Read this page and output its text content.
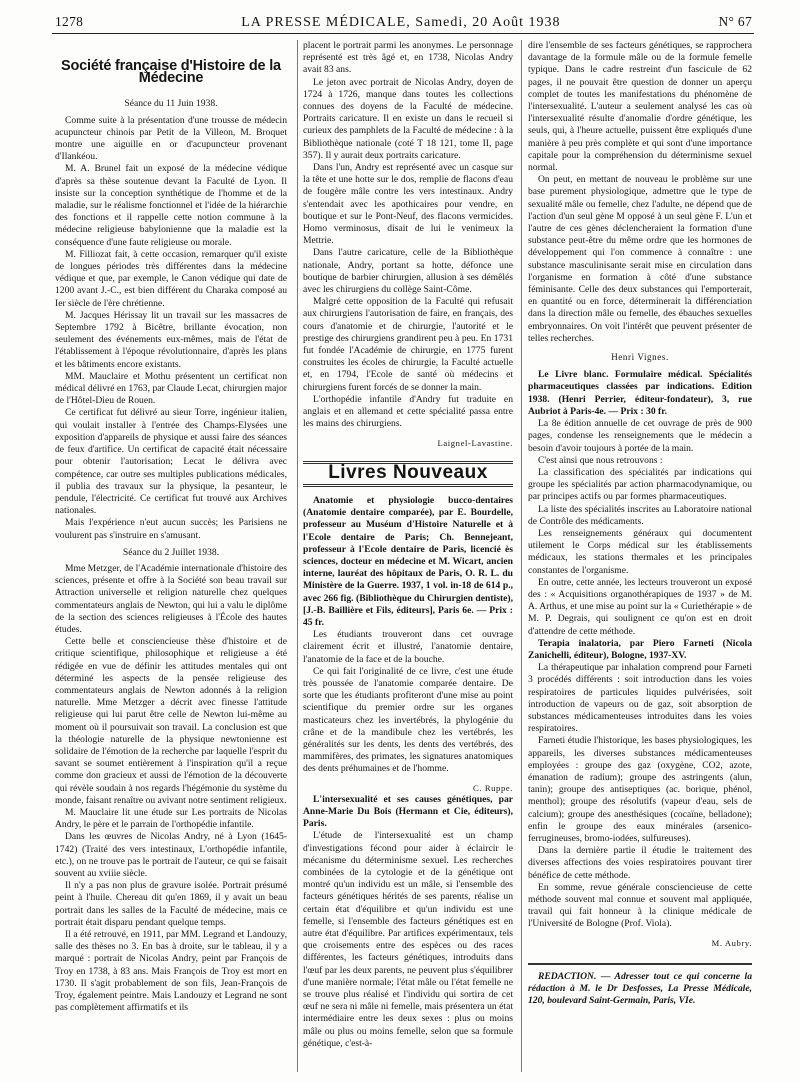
1278	LA PRESSE MÉDICALE, Samedi, 20 Août 1938	N° 67
Société française d'Histoire de la Médecine

Séance du 11 Juin 1938.

Comme suite à la présentation d'une trousse de médecin acupuncteur chinois par Petit de la Villeon, M. Broquet montre une aiguille en or d'acupuncteur provenant d'Ilankéou.

M. A. Brunel fait un exposé de la médecine védique d'après sa thèse soutenue devant la Faculté de Lyon. Il insiste sur la conception synthétique de l'homme et de la maladie, sur le réalisme fonctionnel et l'idée de la hiérarchie des fonctions et il rappelle cette notion commune à la médecine religieuse babylonienne que la maladie est la conséquence d'une faute religieuse ou morale.

M. Filliozat fait, à cette occasion, remarquer qu'il existe de longues périodes très différentes dans la médecine védique et que, par exemple, le Canon védique qui date de 1200 avant J.-C., est bien différent du Charaka composé au Ier siècle de l'ère chrétienne.

M. Jacques Hérissay lit un travail sur les massacres de Septembre 1792 à Bicêtre, brillante évocation, non seulement des événements eux-mêmes, mais de l'état de l'établissement à l'époque révolutionnaire, d'après les plans et les bâtiments encore existants.

MM. Mauclaire et Mothu présentent un certificat non médical délivré en 1763, par Claude Lecat, chirurgien major de l'Hôtel-Dieu de Rouen.

Ce certificat fut délivré au sieur Torre, ingénieur italien, qui voulait installer à l'entrée des Champs-Elysées une exposition d'appareils de physique et aussi faire des séances de feux d'artifice. Un certificat de capacité était nécessaire pour obtenir l'autorisation; Lecat le délivra avec compétence, car outre ses multiples publications médicales, il publia des travaux sur la physique, la pesanteur, le pendule, l'électricité. Ce certificat fut trouvé aux Archives nationales.

Mais l'expérience n'eut aucun succès; les Parisiens ne voulurent pas s'instruire en s'amusant.

Séance du 2 Juillet 1938.

Mme Metzger, de l'Académie internationale d'histoire des sciences, présente et offre à la Société son beau travail sur Attraction universelle et religion naturelle chez quelques commentateurs anglais de Newton, qui lui a valu le diplôme de la section des sciences religieuses à l'École des hautes études.

Cette belle et consciencieuse thèse d'histoire et de critique scientifique, philosophique et religieuse a été rédigée en vue de définir les attitudes mentales qui ont déterminé les aspects de la pensée religieuse des commentateurs anglais de Newton adonnés à la religion naturelle. Mme Metzger a décrit avec finesse l'attitude religieuse qui lui parut être celle de Newton lui-même au moment où il poursuivait son travail. La conclusion est que la théologie naturelle de la physique newtonienne est solidaire de l'émotion de la recherche par laquelle l'esprit du savant se soumet entièrement à l'inspiration qu'il a reçue comme don gracieux et aussi de l'émotion de la découverte qui révèle soudain à nos regards l'hégémonie du système du monde, faisant renaître ou avivant notre sentiment religieux.

M. Mauclaire lit une étude sur Les portraits de Nicolas Andry, le père et le parrain de l'orthopédie infantile.

Dans les œuvres de Nicolas Andry, né à Lyon (1645-1742) (Traité des vers intestinaux, L'orthopédie infantile, etc.), on ne trouve pas le portrait de l'auteur, ce qui se faisait souvent au xviiie siècle.

Il n'y a pas non plus de gravure isolée. Portrait présumé peint à l'huile. Chereau dit qu'en 1869, il y avait un beau portrait dans les salles de la Faculté de médecine, mais ce portrait était disparu pendant quelque temps.

Il a été retrouvé, en 1911, par MM. Legrand et Landouzy, salle des thèses no 3. En bas à droite, sur le tableau, il y a marqué : portrait de Nicolas Andry, peint par François de Troy en 1738, à 83 ans. Mais François de Troy est mort en 1730. Il s'agit probablement de son fils, Jean-François de Troy, également peintre. Mais Landouzy et Legrand ne sont pas complètement affirmatifs et ils

placent le portrait parmi les anonymes. Le personnage représenté est très âgé et, en 1738, Nicolas Andry avait 83 ans.

Le jeton avec portrait de Nicolas Andry, doyen de 1724 à 1726, manque dans toutes les collections connues des doyens de la Faculté de médecine. Portraits caricature. Il en existe un dans le recueil si curieux des pamphlets de la Faculté de médecine : à la Bibliothèque nationale (coté T 18 121, tome II, page 357). Il y aurait deux portraits caricature.

Dans l'un, Andry est représenté avec un casque sur la tête et une hotte sur le dos, remplie de flacons d'eau de fougère mâle contre les vers intestinaux. Andry s'entendait avec les apothicaires pour vendre, en boutique et sur le Pont-Neuf, des flacons vermicides. Homo verminosus, disait de lui le venimeux la Mettrie.

Dans l'autre caricature, celle de la Bibliothèque nationale, Andry, portant sa hotte, défonce une boutique de barbier chirurgien, allusion à ses démêlés avec les chirurgiens du collège Saint-Côme.

Malgré cette opposition de la Faculté qui refusait aux chirurgiens l'autorisation de faire, en français, des cours d'anatomie et de chirurgie, l'autorité et le prestige des chirurgiens grandirent peu à peu. En 1731 fut fondée l'Académie de chirurgie, en 1775 furent construites les écoles de chirurgie, la Faculté actuelle et, en 1794, l'Ecole de santé où médecins et chirurgiens furent forcés de se donner la main.

L'orthopédie infantile d'Andry fut traduite en anglais et en allemand et cette spécialité passa entre les mains des chirurgiens.

Laignel-Lavastine.

Livres Nouveaux

Anatomie et physiologie bucco-dentaires (Anatomie dentaire comparée), par E. Bourdelle, professeur au Muséum d'Histoire Naturelle et à l'Ecole dentaire de Paris; Ch. Bennejeant, professeur à l'Ecole dentaire de Paris, licencié ès sciences, docteur en médecine et M. Wicart, ancien interne, lauréat des hôpitaux de Paris, O. R. L. du Ministère de la Guerre. 1937, 1 vol. in-18 de 614 p., avec 266 fig. (Bibliothèque du Chirurgien dentiste), [J.-B. Baillière et Fils, éditeurs], Paris 6e. — Prix : 45 fr.

Les étudiants trouveront dans cet ouvrage clairement écrit et illustré, l'anatomie dentaire, l'anatomie de la face et de la bouche.

Ce qui fait l'originalité de ce livre, c'est une étude très poussée de l'anatomie comparée dentaire. De sorte que les étudiants profiteront d'une mise au point scientifique du premier ordre sur les organes masticateurs chez les invertébrés, la phylogénie du crâne et de la mandibule chez les vertébrés, les généralités sur les dents, les dents des vertébrés, des mammifères, des primates, les signatures anatomiques des dents préhumaines et de l'homme.

C. Ruppe.

L'intersexualité et ses causes génétiques, par Anne-Marie Du Bois (Hermann et Cie, éditeurs), Paris.

L'étude de l'intersexualité est un champ d'investigations fécond pour aider à éclaircir le mécanisme du déterminisme sexuel. Les recherches combinées de la cytologie et de la génétique ont montré qu'un individu est un mâle, si l'ensemble des facteurs génétiques hérités de ses parents, réalise un certain état d'équilibre et qu'un individu est une femelle, si l'ensemble des facteurs génétiques est en autre état d'équilibre. Par artifices expérimentaux, tels que croisements entre des espèces ou des races différentes, les facteurs génétiques, introduits dans l'œuf par les deux parents, ne peuvent plus s'équilibrer d'une manière normale; l'état mâle ou l'état femelle ne se trouve plus réalisé et l'individu qui sortira de cet œuf ne sera ni mâle ni femelle, mais présentera un état intermédiaire entre les deux sexes : plus ou moins mâle ou plus ou moins femelle, selon que sa formule génétique, c'est-à-

dire l'ensemble de ses facteurs génétiques, se rapprochera davantage de la formule mâle ou de la formule femelle typique. Dans le cadre restreint d'un fascicule de 62 pages, il ne pouvait être question de donner un aperçu complet de toutes les manifestations du phénomène de l'intersexualité. L'auteur a seulement analysé les cas où l'intersexualité résulte d'anomalie d'ordre génétique, les seuls, qui, à l'heure actuelle, puissent être expliqués d'une manière à peu près complète et qui sont d'une importance capitale pour la compréhension du déterminisme sexuel normal.

On peut, en mettant de nouveau le problème sur une base purement physiologique, admettre que le type de sexualité mâle ou femelle, chez l'adulte, ne dépend que de l'action d'un seul gène M opposé à un seul gène F. L'un et l'autre de ces gènes déclencheraient la formation d'une substance peut-être du même ordre que les hormones de développement qui l'on commence à connaître : une substance masculinisante serait mise en circulation dans l'organisme en formation à côté d'une substance féminisante. Celle des deux substances qui l'emporterait, en quantité ou en force, déterminerait la différenciation dans la direction mâle ou femelle, des ébauches sexuelles embryonnaires. On voit l'intérêt que peuvent présenter de telles recherches.

Henri Vignes.

Le Livre blanc. Formulaire médical. Spécialités pharmaceutiques classées par indications. Edition 1938. (Henri Perrier, éditeur-fondateur), 3, rue Aubriot à Paris-4e. — Prix : 30 fr.

La 8e édition annuelle de cet ouvrage de près de 900 pages, condense les renseignements que le médecin a besoin d'avoir toujours à portée de la main.

C'est ainsi que nous retrouvons :

La classification des spécialités par indications qui groupe les spécialités par action pharmacodynamique, ou par principes actifs ou par formes pharmaceutiques.

La liste des spécialités inscrites au Laboratoire national de Contrôle des médicaments.

Les renseignements généraux qui documentent utilement le Corps médical sur les établissements médicaux, les stations thermales et les principales constantes de l'organisme.

En outre, cette année, les lecteurs trouveront un exposé des : « Acquisitions organothérapiques de 1937 » de M. A. Arthus, et une mise au point sur la « Curiethérapie » de M. P. Degrais, qui soulignent ce qu'on est en droit d'attendre de cette méthode.

Terapia inalatoria, par Piero Farneti (Nicola Zanichelli, éditeur), Bologne, 1937-XV.

La thérapeutique par inhalation comprend pour Farneti 3 procédés différents : soit introduction dans les voies respiratoires de particules liquides pulvérisées, soit introduction de vapeurs ou de gaz, soit absorption de substances médicamenteuses introduites dans les voies respiratoires.

Farneti étudie l'historique, les bases physiologiques, les appareils, les diverses substances médicamenteuses employées : groupe des gaz (oxygène, CO2, azote, émanation de radium); groupe des astringents (alun, tanin); groupe des antiseptiques (ac. borique, phénol, menthol); groupe des résolutifs (vapeur d'eau, sels de calcium); groupe des anesthésiques (cocaïne, belladone); enfin le groupe des eaux minérales (arsenico-ferrugineuses, bromo-iodées, sulfureuses).

Dans la dernière partie il étudie le traitement des diverses affections des voies respiratoires pouvant tirer bénéfice de cette méthode.

En somme, revue générale consciencieuse de cette méthode souvent mal connue et souvent mal appliquée, travail qui fait honneur à la clinique médicale de l'Université de Bologne (Prof. Viola).

M. Aubry.

REDACTION. — Adresser tout ce qui concerne la rédaction à M. le Dr Desfosses, La Presse Médicale, 120, boulevard Saint-Germain, Paris, VIe.
